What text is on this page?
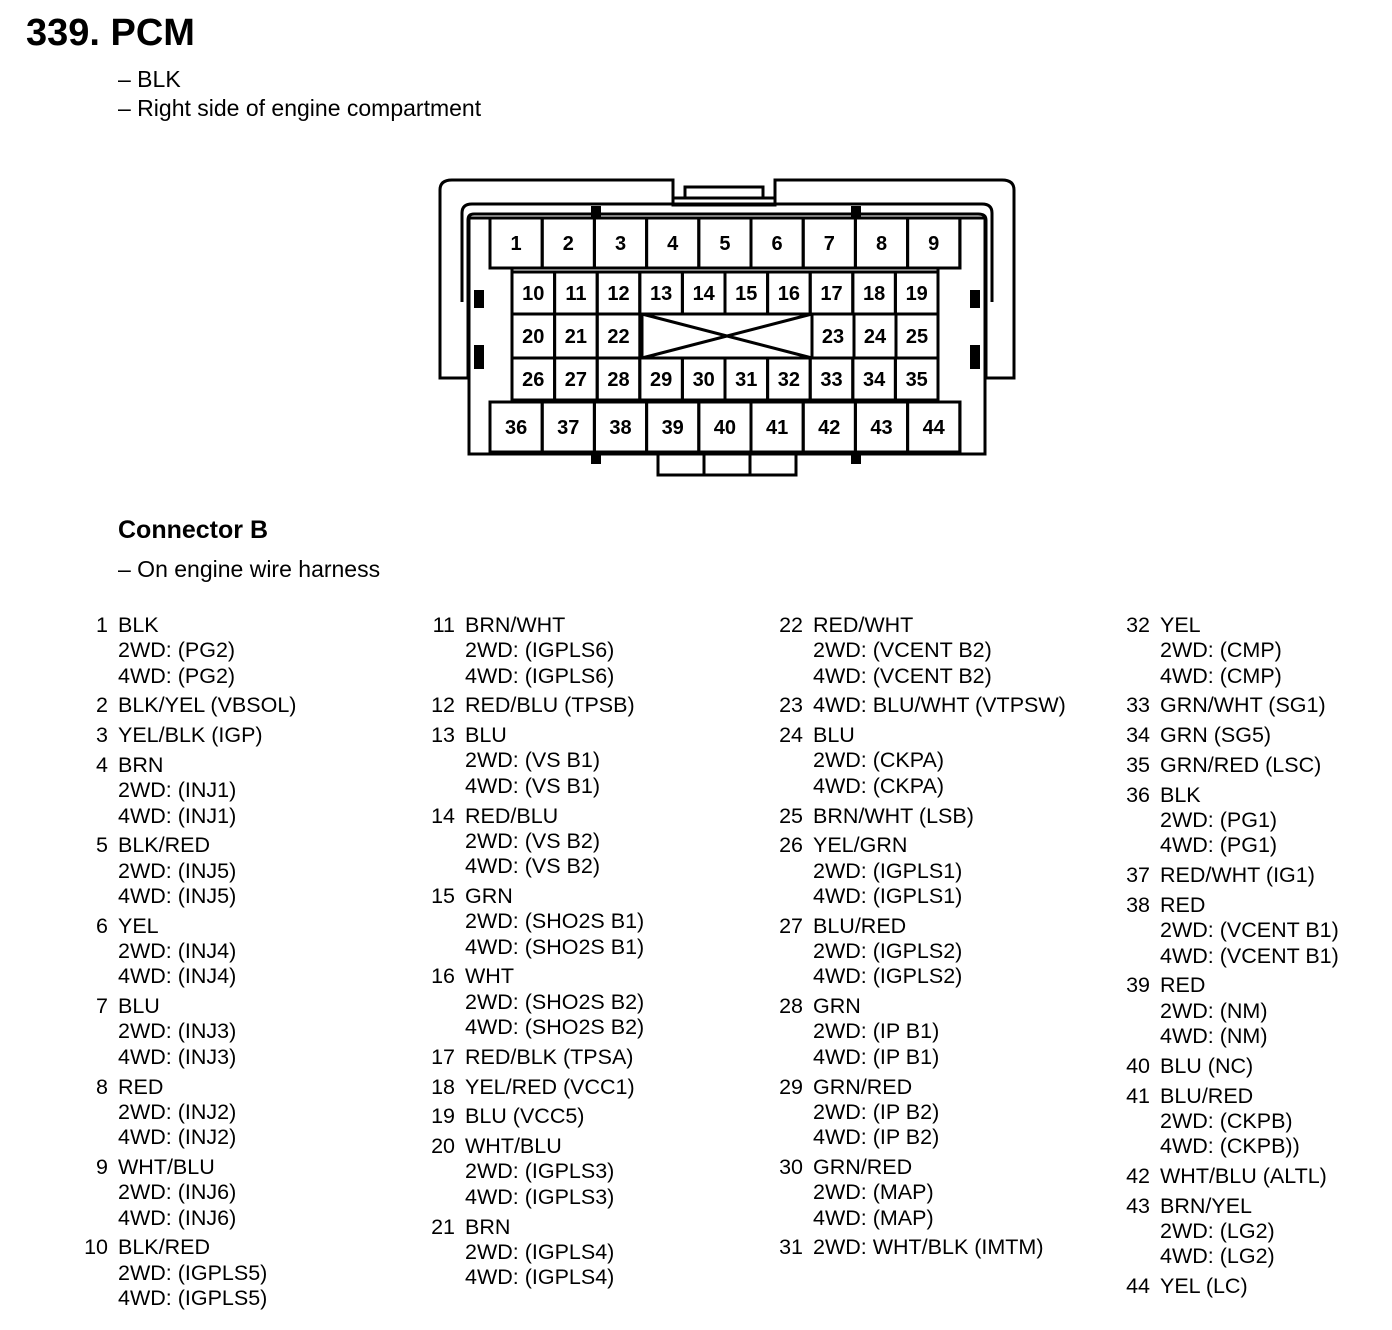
339. PCM
– BLK
– Right side of engine compartment
1 2 3 4 5 6 7 8 9
10 11 12 13 14 15 16 17 18 19
20 21 22	23 24 25
26 27 28 29 30 31 32 33 34 35
36 37 38 39 40 41 42 43 44
Connector B
– On engine wire harness
1 BLK
2WD: (PG2)
4WD: (PG2)
2 BLK/YEL (VBSOL)
3 YEL/BLK (IGP)
4 BRN
2WD: (INJ1)
4WD: (INJ1)
5 BLK/RED
2WD: (INJ5)
4WD: (INJ5)
6 YEL
2WD: (INJ4)
4WD: (INJ4)
7 BLU
2WD: (INJ3)
4WD: (INJ3)
8 RED
2WD: (INJ2)
4WD: (INJ2)
9 WHT/BLU
2WD: (INJ6)
4WD: (INJ6)
10 BLK/RED
2WD: (IGPLS5)
4WD: (IGPLS5)
11 BRN/WHT
2WD: (IGPLS6)
4WD: (IGPLS6)
12 RED/BLU (TPSB)
13 BLU
2WD: (VS B1)
4WD: (VS B1)
14 RED/BLU
2WD: (VS B2)
4WD: (VS B2)
15 GRN
2WD: (SHO2S B1)
4WD: (SHO2S B1)
16 WHT
2WD: (SHO2S B2)
4WD: (SHO2S B2)
17 RED/BLK (TPSA)
18 YEL/RED (VCC1)
19 BLU (VCC5)
20 WHT/BLU
2WD: (IGPLS3)
4WD: (IGPLS3)
21 BRN
2WD: (IGPLS4)
4WD: (IGPLS4)
22 RED/WHT
2WD: (VCENT B2)
4WD: (VCENT B2)
23 4WD: BLU/WHT (VTPSW)
24 BLU
2WD: (CKPA)
4WD: (CKPA)
25 BRN/WHT (LSB)
26 YEL/GRN
2WD: (IGPLS1)
4WD: (IGPLS1)
27 BLU/RED
2WD: (IGPLS2)
4WD: (IGPLS2)
28 GRN
2WD: (IP B1)
4WD: (IP B1)
29 GRN/RED
2WD: (IP B2)
4WD: (IP B2)
30 GRN/RED
2WD: (MAP)
4WD: (MAP)
31 2WD: WHT/BLK (IMTM)
32 YEL
2WD: (CMP)
4WD: (CMP)
33 GRN/WHT (SG1)
34 GRN (SG5)
35 GRN/RED (LSC)
36 BLK
2WD: (PG1)
4WD: (PG1)
37 RED/WHT (IG1)
38 RED
2WD: (VCENT B1)
4WD: (VCENT B1)
39 RED
2WD: (NM)
4WD: (NM)
40 BLU (NC)
41 BLU/RED
2WD: (CKPB)
4WD: (CKPB))
42 WHT/BLU (ALTL)
43 BRN/YEL
2WD: (LG2)
4WD: (LG2)
44 YEL (LC)
